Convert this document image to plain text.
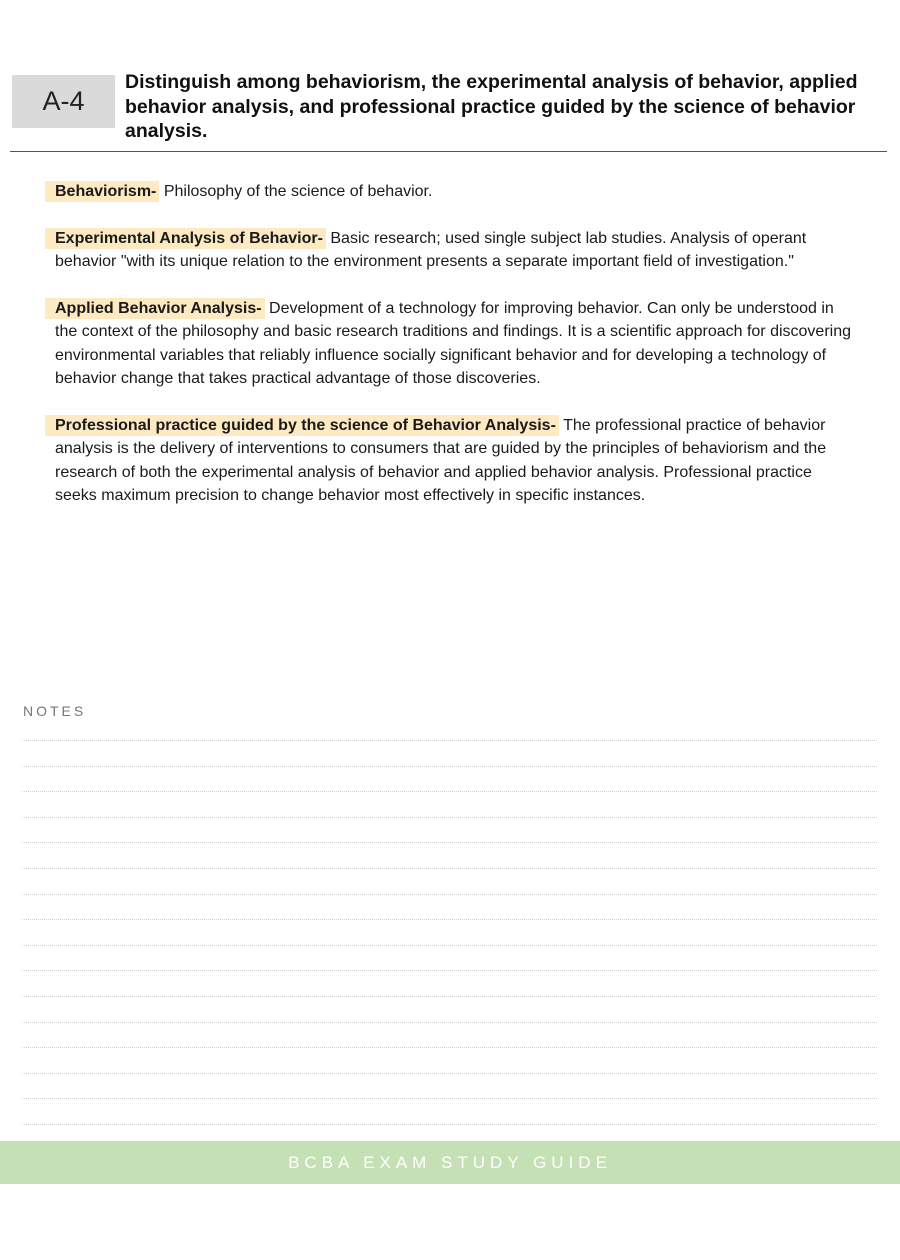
A-4
Distinguish among behaviorism, the experimental analysis of behavior, applied behavior analysis, and professional practice guided by the science of behavior analysis.

Behaviorism- Philosophy of the science of behavior.

Experimental Analysis of Behavior- Basic research; used single subject lab studies. Analysis of operant behavior "with its unique relation to the environment presents a separate important field of investigation."

Applied Behavior Analysis- Development of a technology for improving behavior. Can only be understood in the context of the philosophy and basic research traditions and findings. It is a scientific approach for discovering environmental variables that reliably influence socially significant behavior and for developing a technology of behavior change that takes practical advantage of those discoveries.

Professional practice guided by the science of Behavior Analysis- The professional practice of behavior analysis is the delivery of interventions to consumers that are guided by the principles of behaviorism and the research of both the experimental analysis of behavior and applied behavior analysis. Professional practice seeks maximum precision to change behavior most effectively in specific instances.

NOTES
BCBA EXAM STUDY GUIDE
